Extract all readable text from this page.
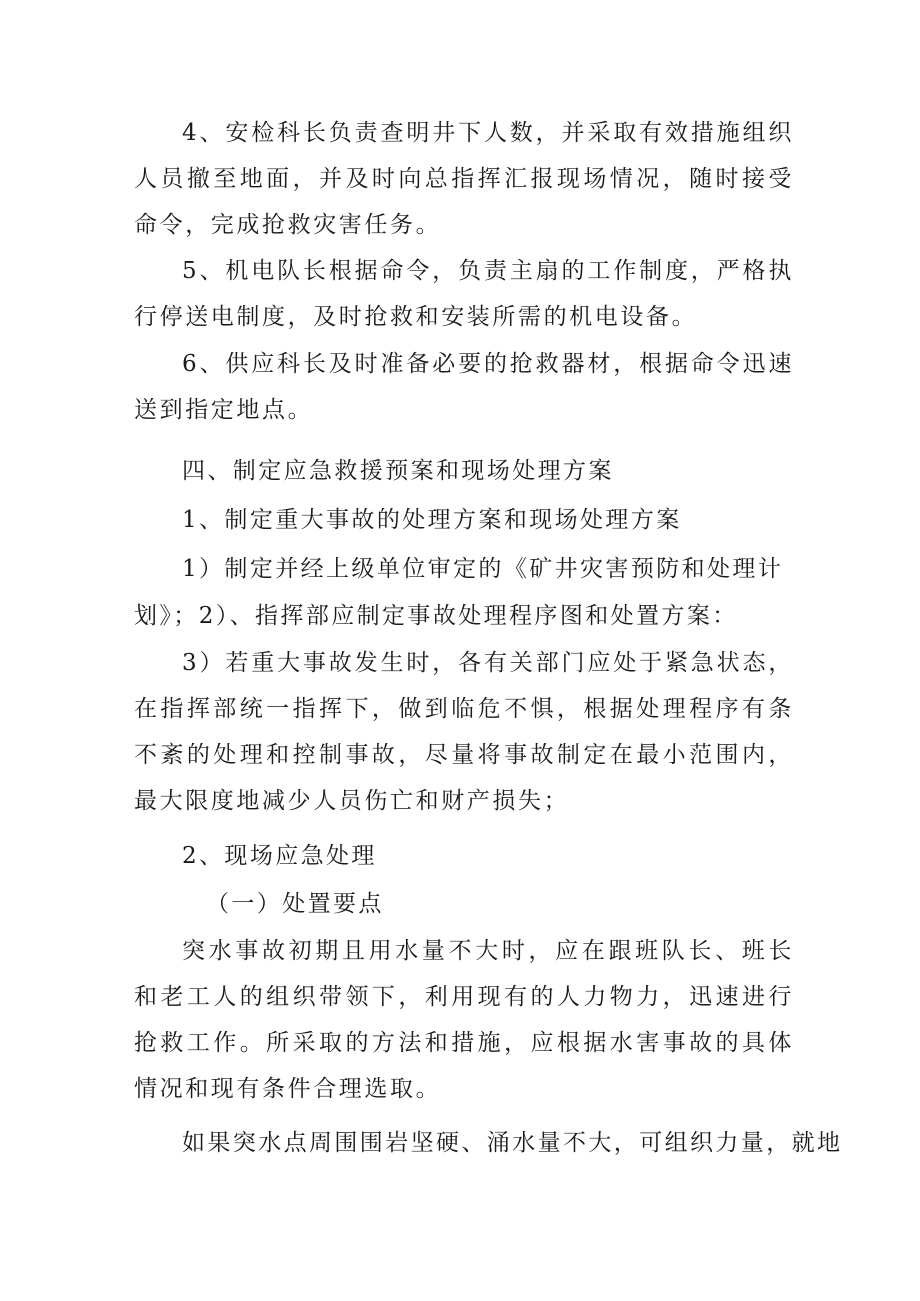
4、安检科长负责查明井下人数，并采取有效措施组织人员撤至地面，并及时向总指挥汇报现场情况，随时接受命令，完成抢救灾害任务。

5、机电队长根据命令，负责主扇的工作制度，严格执行停送电制度，及时抢救和安装所需的机电设备。

6、供应科长及时准备必要的抢救器材，根据命令迅速送到指定地点。

四、制定应急救援预案和现场处理方案

1、制定重大事故的处理方案和现场处理方案

1）制定并经上级单位审定的《矿井灾害预防和处理计

划》；2）、指挥部应制定事故处理程序图和处置方案：

3）若重大事故发生时，各有关部门应处于紧急状态，在指挥部统一指挥下，做到临危不惧，根据处理程序有条不紊的处理和控制事故，尽量将事故制定在最小范围内，最大限度地减少人员伤亡和财产损失；

2、现场应急处理

（一）处置要点

突水事故初期且用水量不大时，应在跟班队长、班长和老工人的组织带领下，利用现有的人力物力，迅速进行抢救工作。所采取的方法和措施，应根据水害事故的具体情况和现有条件合理选取。

如果突水点周围围岩坚硬、涌水量不大，可组织力量，就地
